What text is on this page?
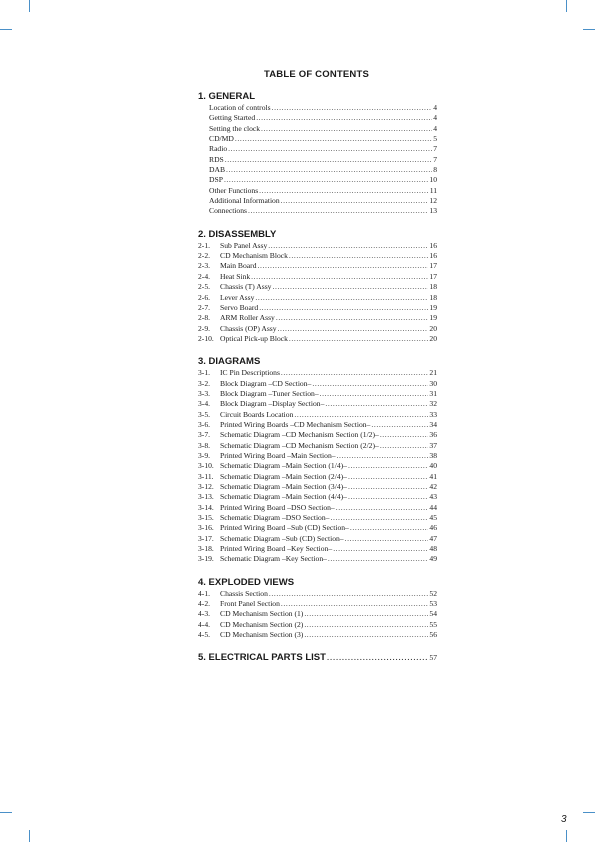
TABLE OF CONTENTS
1. GENERAL
Location of controls .....	4
Getting Started .....	4
Setting the clock .....	4
CD/MD .....	5
Radio .....	7
RDS .....	7
DAB .....	8
DSP .....	10
Other Functions .....	11
Additional Information .....	12
Connections .....	13
2. DISASSEMBLY
2-1.	Sub Panel Assy .....	16
2-2.	CD Mechanism Block .....	16
2-3.	Main Board .....	17
2-4.	Heat Sink .....	17
2-5.	Chassis (T) Assy .....	18
2-6.	Lever Assy .....	18
2-7.	Servo Board .....	19
2-8.	ARM Roller Assy .....	19
2-9.	Chassis (OP) Assy .....	20
2-10. Optical Pick-up Block .....	20
3. DIAGRAMS
3-1.	IC Pin Descriptions .....	21
3-2.	Block Diagram –CD Section– .....	30
3-3.	Block Diagram –Tuner Section– .....	31
3-4.	Block Diagram –Display Section– .....	32
3-5.	Circuit Boards Location .....	33
3-6.	Printed Wiring Boards –CD Mechanism Section– .....	34
3-7.	Schematic Diagram –CD Mechanism Section (1/2)– .....	36
3-8.	Schematic Diagram –CD Mechanism Section (2/2)– .....	37
3-9.	Printed Wiring Board –Main Section– .....	38
3-10. Schematic Diagram –Main Section (1/4)– .....	40
3-11. Schematic Diagram –Main Section (2/4)– .....	41
3-12. Schematic Diagram –Main Section (3/4)– .....	42
3-13. Schematic Diagram –Main Section (4/4)– .....	43
3-14. Printed Wiring Board –DSO Section– .....	44
3-15. Schematic Diagram –DSO Section– .....	45
3-16. Printed Wiring Board –Sub (CD) Section– .....	46
3-17. Schematic Diagram –Sub (CD) Section– .....	47
3-18. Printed Wiring Board –Key Section– .....	48
3-19. Schematic Diagram –Key Section– .....	49
4. EXPLODED VIEWS
4-1.	Chassis Section .....	52
4-2.	Front Panel Section .....	53
4-3.	CD Mechanism Section (1) .....	54
4-4.	CD Mechanism Section (2) .....	55
4-5.	CD Mechanism Section (3) .....	56
5. ELECTRICAL PARTS LIST .....	57
3
